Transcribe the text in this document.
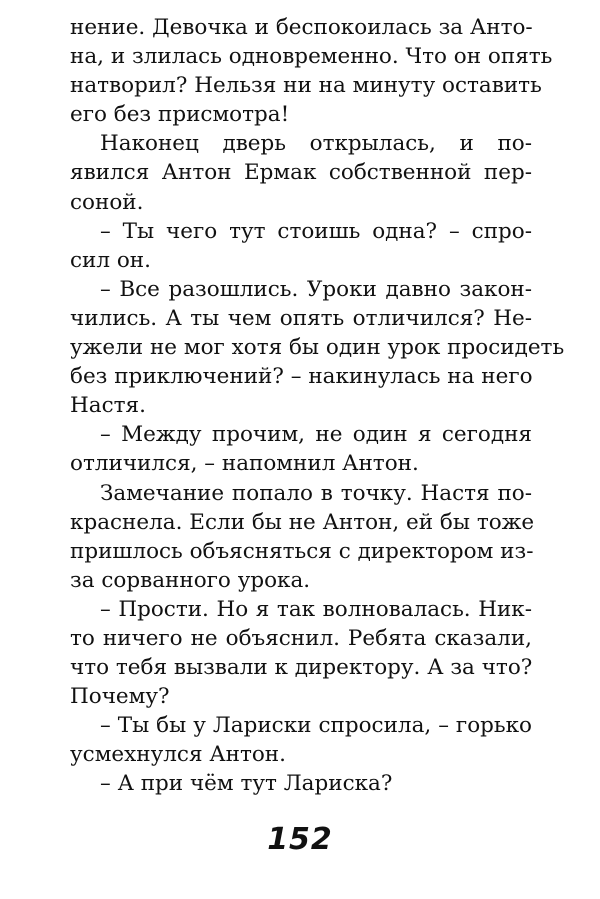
нение. Девочка и беспокоилась за Анто-
на, и злилась одновременно. Что он опять
натворил? Нельзя ни на минуту оставить
его без присмотра!
Наконец дверь открылась, и по-
явился Антон Ермак собственной пер-
соной.
– Ты чего тут стоишь одна? – спро-
сил он.
– Все разошлись. Уроки давно закон-
чились. А ты чем опять отличился? Не-
ужели не мог хотя бы один урок просидеть
без приключений? – накинулась на него
Настя.
– Между прочим, не один я сегодня
отличился, – напомнил Антон.
Замечание попало в точку. Настя по-
краснела. Если бы не Антон, ей бы тоже
пришлось объясняться с директором из-
за сорванного урока.
– Прости. Но я так волновалась. Ник-
то ничего не объяснил. Ребята сказали,
что тебя вызвали к директору. А за что?
Почему?
– Ты бы у Лариски спросила, – горько
усмехнулся Антон.
– А при чём тут Лариска?
152
